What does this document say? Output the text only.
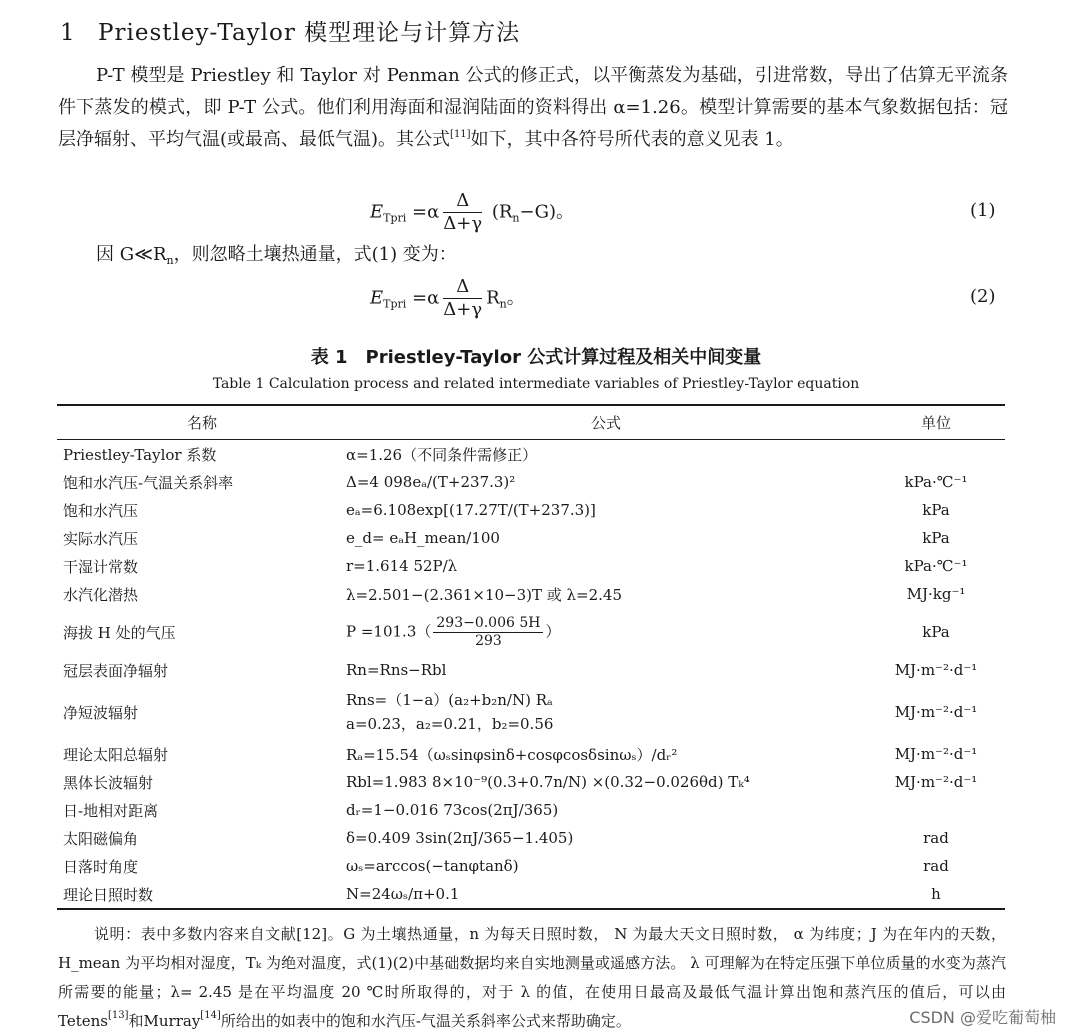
1 Priestley-Taylor 模型理论与计算方法

P-T 模型是 Priestley 和 Taylor 对 Penman 公式的修正式，以平衡蒸发为基础，引进常数，导出了估算无平流条件下蒸发的模式，即 P-T 公式。他们利用海面和湿润陆面的资料得出 α=1.26。模型计算需要的基本气象数据包括：冠层净辐射、平均气温(或最高、最低气温)。其公式[11]如下，其中各符号所代表的意义见表 1。

$E_{Tpri} =\alpha \frac{\Delta}{\Delta+\gamma} (R_n-G)$。	(1)
因 $G≪R_n$，则忽略土壤热通量，式(1) 变为：
$E_{Tpri} =\alpha \frac{\Delta}{\Delta+\gamma} R_n$。	(2)
表 1　Priestley-Taylor 公式计算过程及相关中间变量
Table 1 Calculation process and related intermediate variables of Priestley-Taylor equation
名称	公式	单位
Priestley-Taylor 系数	α=1.26（不同条件需修正）	
饱和水汽压-气温关系斜率	Δ=4 098eₐ/(T+237.3)²	kPa·℃⁻¹
饱和水汽压	eₐ=6.108exp[(17.27T/(T+237.3)]	kPa
实际水汽压	e_d= eₐH_mean/100	kPa
干湿计常数	r=1.614 52P/λ	kPa·℃⁻¹
水汽化潜热	λ=2.501−(2.361×10−3)T 或 λ=2.45	MJ·kg⁻¹
海拔 H 处的气压	$P =101.3( \frac{293-0.006 5H}{293}$ ）	kPa
冠层表面净辐射	Rn=Rns−Rbl	MJ·m⁻²·d⁻¹
净短波辐射	Rns=（1−a）(a₂+b₂n/N) Rₐ
a=0.23，a₂=0.21，b₂=0.56	MJ·m⁻²·d⁻¹
理论太阳总辐射	Rₐ=15.54（ωₛsinφsinδ+cosφcosδsinωₛ）/dᵣ²	MJ·m⁻²·d⁻¹
黑体长波辐射	Rbl=1.983 8×10⁻⁹(0.3+0.7n/N) ×(0.32−0.026θd) Tₖ⁴	MJ·m⁻²·d⁻¹
日-地相对距离	dᵣ=1−0.016 73cos(2πJ/365)	
太阳磁偏角	δ=0.409 3sin(2πJ/365−1.405)	rad
日落时角度	ωₛ=arccos(−tanφtanδ)	rad
理论日照时数	N=24ωₛ/π+0.1	h

说明：表中多数内容来自文献[12]。G 为土壤热通量，n 为每天日照时数， N 为最大天文日照时数， α 为纬度；J 为在年内的天数，H_mean 为平均相对湿度，Tₖ 为绝对温度，式(1)(2)中基础数据均来自实地测量或遥感方法。 λ 可理解为在特定压强下单位质量的水变为蒸汽所需要的能量；λ= 2.45 是在平均温度 20 ℃时所取得的，对于 λ 的值，在使用日最高及最低气温计算出饱和蒸汽压的值后，可以由 Tetens[13]和Murray[14]所给出的如表中的饱和水汽压-气温关系斜率公式来帮助确定。	CSDN @爱吃葡萄柚
